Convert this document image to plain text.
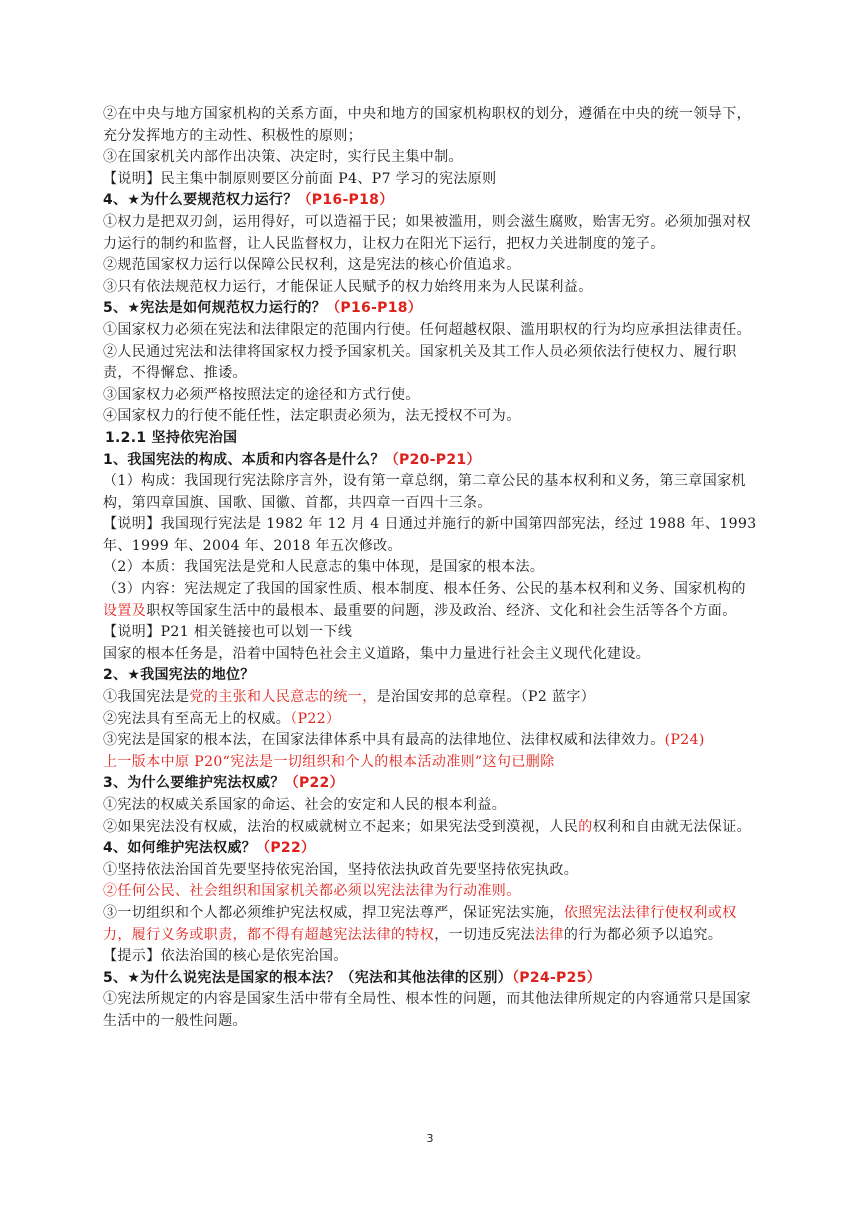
②在中央与地方国家机构的关系方面，中央和地方的国家机构职权的划分，遵循在中央的统一领导下，充分发挥地方的主动性、积极性的原则；

③在国家机关内部作出决策、决定时，实行民主集中制。

【说明】民主集中制原则要区分前面 P4、P7 学习的宪法原则

4、★为什么要规范权力运行？（P16-P18）

①权力是把双刃剑，运用得好，可以造福于民；如果被滥用，则会滋生腐败，贻害无穷。必须加强对权力运行的制约和监督，让人民监督权力，让权力在阳光下运行，把权力关进制度的笼子。

②规范国家权力运行以保障公民权利，这是宪法的核心价值追求。

③只有依法规范权力运行，才能保证人民赋予的权力始终用来为人民谋利益。

5、★宪法是如何规范权力运行的？（P16-P18）

①国家权力必须在宪法和法律限定的范围内行使。任何超越权限、滥用职权的行为均应承担法律责任。

②人民通过宪法和法律将国家权力授予国家机关。国家机关及其工作人员必须依法行使权力、履行职责，不得懈怠、推诿。

③国家权力必须严格按照法定的途径和方式行使。

④国家权力的行使不能任性，法定职责必须为，法无授权不可为。

1.2.1 坚持依宪治国

1、我国宪法的构成、本质和内容各是什么？（P20-P21）

（1）构成：我国现行宪法除序言外，设有第一章总纲，第二章公民的基本权利和义务，第三章国家机构，第四章国旗、国歌、国徽、首都，共四章一百四十三条。

【说明】我国现行宪法是 1982 年 12 月 4 日通过并施行的新中国第四部宪法，经过 1988 年、1993 年、1999 年、2004 年、2018 年五次修改。

（2）本质：我国宪法是党和人民意志的集中体现，是国家的根本法。

（3）内容：宪法规定了我国的国家性质、根本制度、根本任务、公民的基本权利和义务、国家机构的设置及职权等国家生活中的最根本、最重要的问题，涉及政治、经济、文化和社会生活等各个方面。

【说明】P21 相关链接也可以划一下线

国家的根本任务是，沿着中国特色社会主义道路，集中力量进行社会主义现代化建设。

2、★我国宪法的地位？

①我国宪法是党的主张和人民意志的统一，是治国安邦的总章程。（P2 蓝字）

②宪法具有至高无上的权威。（P22）

③宪法是国家的根本法，在国家法律体系中具有最高的法律地位、法律权威和法律效力。(P24)

上一版本中原 P20“宪法是一切组织和个人的根本活动准则”这句已删除

3、为什么要维护宪法权威？（P22）

①宪法的权威关系国家的命运、社会的安定和人民的根本利益。

②如果宪法没有权威，法治的权威就树立不起来；如果宪法受到漠视，人民的权利和自由就无法保证。

4、如何维护宪法权威？（P22）

①坚持依法治国首先要坚持依宪治国，坚持依法执政首先要坚持依宪执政。

②任何公民、社会组织和国家机关都必须以宪法法律为行动准则。

③一切组织和个人都必须维护宪法权威，捍卫宪法尊严，保证宪法实施，依照宪法法律行使权利或权力，履行义务或职责，都不得有超越宪法法律的特权，一切违反宪法法律的行为都必须予以追究。

【提示】依法治国的核心是依宪治国。

5、★为什么说宪法是国家的根本法？（宪法和其他法律的区别）（P24-P25）

①宪法所规定的内容是国家生活中带有全局性、根本性的问题，而其他法律所规定的内容通常只是国家生活中的一般性问题。

3
